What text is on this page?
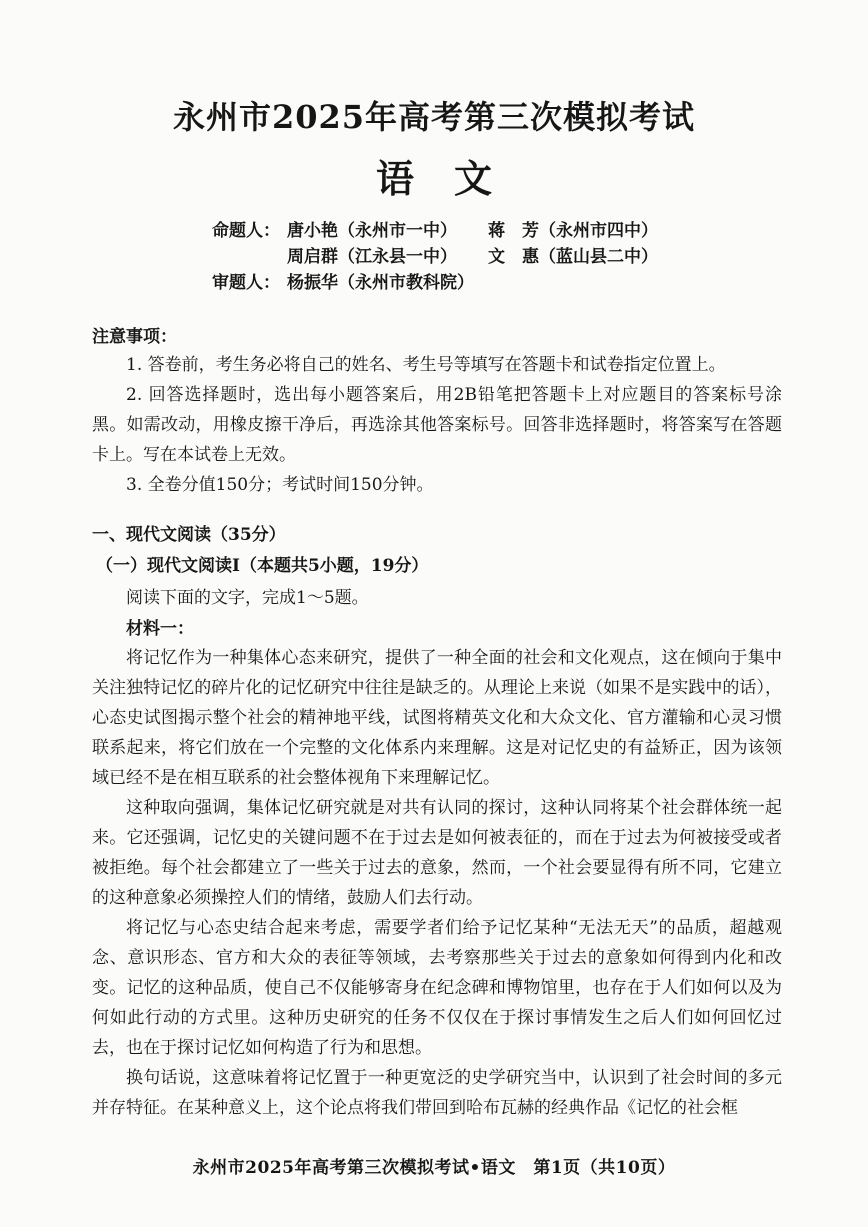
永州市2025年高考第三次模拟考试
语文
命题人： 唐小艳（永州市一中） 蒋　芳（永州市四中）
周启群（江永县一中） 文　惠（蓝山县二中）
审题人： 杨振华（永州市教科院）
注意事项：

1. 答卷前，考生务必将自己的姓名、考生号等填写在答题卡和试卷指定位置上。

2. 回答选择题时，选出每小题答案后，用2B铅笔把答题卡上对应题目的答案标号涂黑。如需改动，用橡皮擦干净后，再选涂其他答案标号。回答非选择题时，将答案写在答题卡上。写在本试卷上无效。

3. 全卷分值150分；考试时间150分钟。

一、现代文阅读（35分）
（一）现代文阅读Ⅰ（本题共5小题，19分）
阅读下面的文字，完成1～5题。
材料一：

将记忆作为一种集体心态来研究，提供了一种全面的社会和文化观点，这在倾向于集中关注独特记忆的碎片化的记忆研究中往往是缺乏的。从理论上来说（如果不是实践中的话），心态史试图揭示整个社会的精神地平线，试图将精英文化和大众文化、官方灌输和心灵习惯联系起来，将它们放在一个完整的文化体系内来理解。这是对记忆史的有益矫正，因为该领域已经不是在相互联系的社会整体视角下来理解记忆。

这种取向强调，集体记忆研究就是对共有认同的探讨，这种认同将某个社会群体统一起来。它还强调，记忆史的关键问题不在于过去是如何被表征的，而在于过去为何被接受或者被拒绝。每个社会都建立了一些关于过去的意象，然而，一个社会要显得有所不同，它建立的这种意象必须操控人们的情绪，鼓励人们去行动。

将记忆与心态史结合起来考虑，需要学者们给予记忆某种“无法无天”的品质，超越观念、意识形态、官方和大众的表征等领域，去考察那些关于过去的意象如何得到内化和改变。记忆的这种品质，使自己不仅能够寄身在纪念碑和博物馆里，也存在于人们如何以及为何如此行动的方式里。这种历史研究的任务不仅仅在于探讨事情发生之后人们如何回忆过去，也在于探讨记忆如何构造了行为和思想。

换句话说，这意味着将记忆置于一种更宽泛的史学研究当中，认识到了社会时间的多元并存特征。在某种意义上，这个论点将我们带回到哈布瓦赫的经典作品《记忆的社会框

永州市2025年高考第三次模拟考试•语文　第1页（共10页）
